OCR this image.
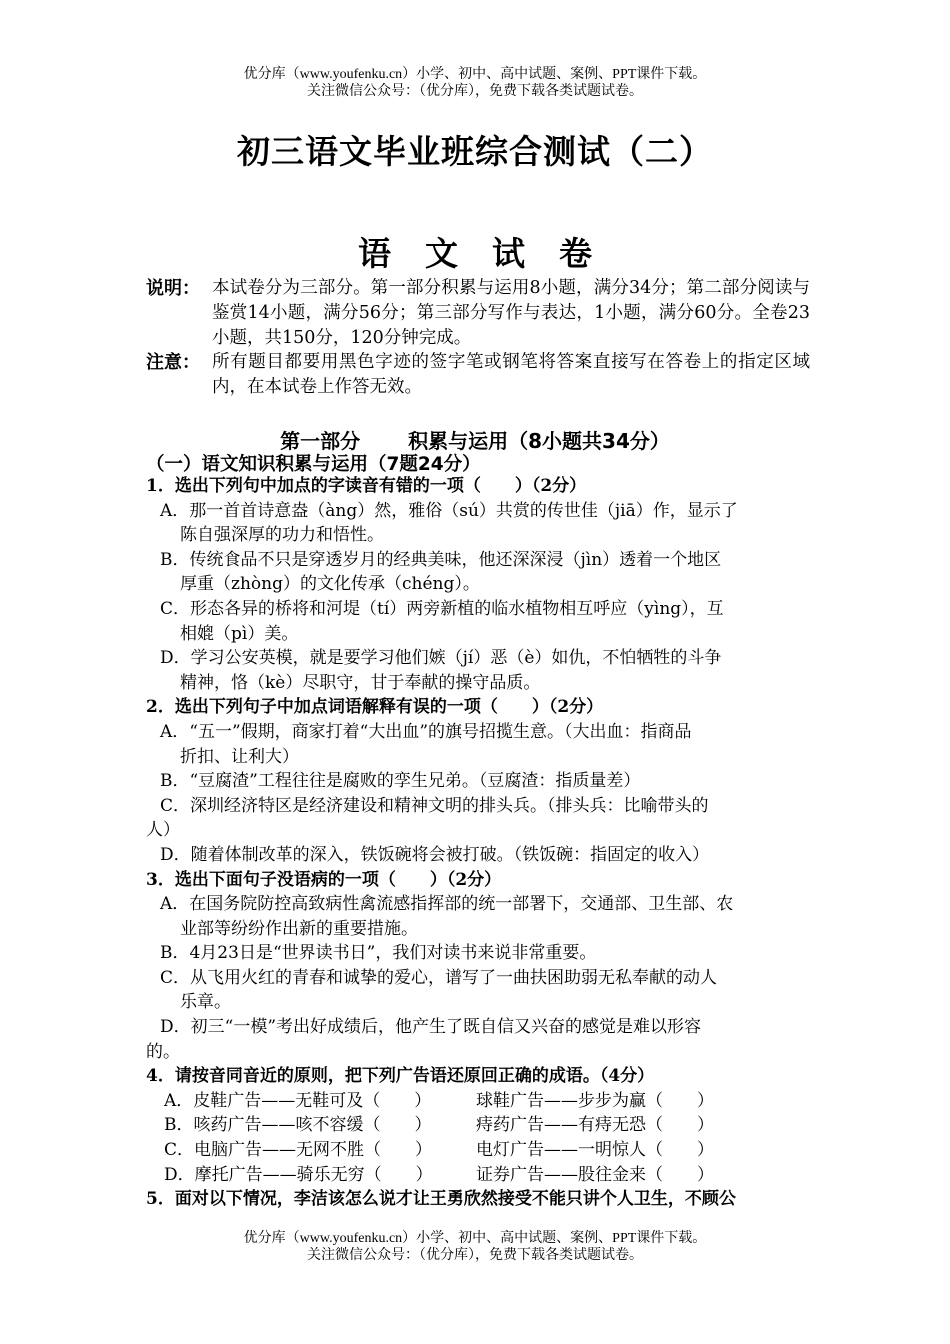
优分库（www.youfenku.cn）小学、初中、高中试题、案例、PPT课件下载。
关注微信公众号：（优分库），免费下载各类试题试卷。
初三语文毕业班综合测试（二）
语文试卷
说明： 本试卷分为三部分。第一部分积累与运用8小题，满分34分；第二部分阅读与鉴赏14小题，满分56分；第三部分写作与表达，1小题，满分60分。全卷23小题，共150分，120分钟完成。
注意： 所有题目都要用黑色字迹的签字笔或钢笔将答案直接写在答卷上的指定区域内，在本试卷上作答无效。
第一部分 积累与运用（8小题共34分）
（一）语文知识积累与运用（7题24分）
1．选出下列句中加点的字读音有错的一项（　　）（2分）
A．那一首首诗意盎（àng）然，雅俗（sú）共赏的传世佳（jiā）作，显示了
陈自强深厚的功力和悟性。
B．传统食品不只是穿透岁月的经典美味，他还深深浸（jìn）透着一个地区
厚重（zhòng）的文化传承（chéng）。
C．形态各异的桥将和河堤（tí）两旁新植的临水植物相互呼应（yìng），互
相媲（pì）美。
D．学习公安英模，就是要学习他们嫉（jí）恶（è）如仇，不怕牺牲的斗争
精神，恪（kè）尽职守，甘于奉献的操守品质。
2．选出下列句子中加点词语解释有误的一项（　　）（2分）
A．“五一”假期，商家打着“大出血”的旗号招揽生意。（大出血：指商品
折扣、让利大）
B．“豆腐渣”工程往往是腐败的孪生兄弟。（豆腐渣：指质量差）
C．深圳经济特区是经济建设和精神文明的排头兵。（排头兵：比喻带头的
人）
D．随着体制改革的深入，铁饭碗将会被打破。（铁饭碗：指固定的收入）
3．选出下面句子没语病的一项（　　）（2分）
A．在国务院防控高致病性禽流感指挥部的统一部署下，交通部、卫生部、农
业部等纷纷作出新的重要措施。
B．4月23日是“世界读书日”，我们对读书来说非常重要。
C．从飞用火红的青春和诚挚的爱心，谱写了一曲扶困助弱无私奉献的动人
乐章。
D．初三“一模”考出好成绩后，他产生了既自信又兴奋的感觉是难以形容
的。
4．请按音同音近的原则，把下列广告语还原回正确的成语。（4分）
A．皮鞋广告——无鞋可及（　　）	球鞋广告——步步为赢（　　）
B．咳药广告——咳不容缓（　　）	痔药广告——有痔无恐（　　）
C．电脑广告——无网不胜（　　）	电灯广告——一明惊人（　　）
D．摩托广告——骑乐无穷（　　）	证券广告——股往金来（　　）
5．面对以下情况，李洁该怎么说才让王勇欣然接受不能只讲个人卫生，不顾公
优分库（www.youfenku.cn）小学、初中、高中试题、案例、PPT课件下载。
关注微信公众号：（优分库），免费下载各类试题试卷。
